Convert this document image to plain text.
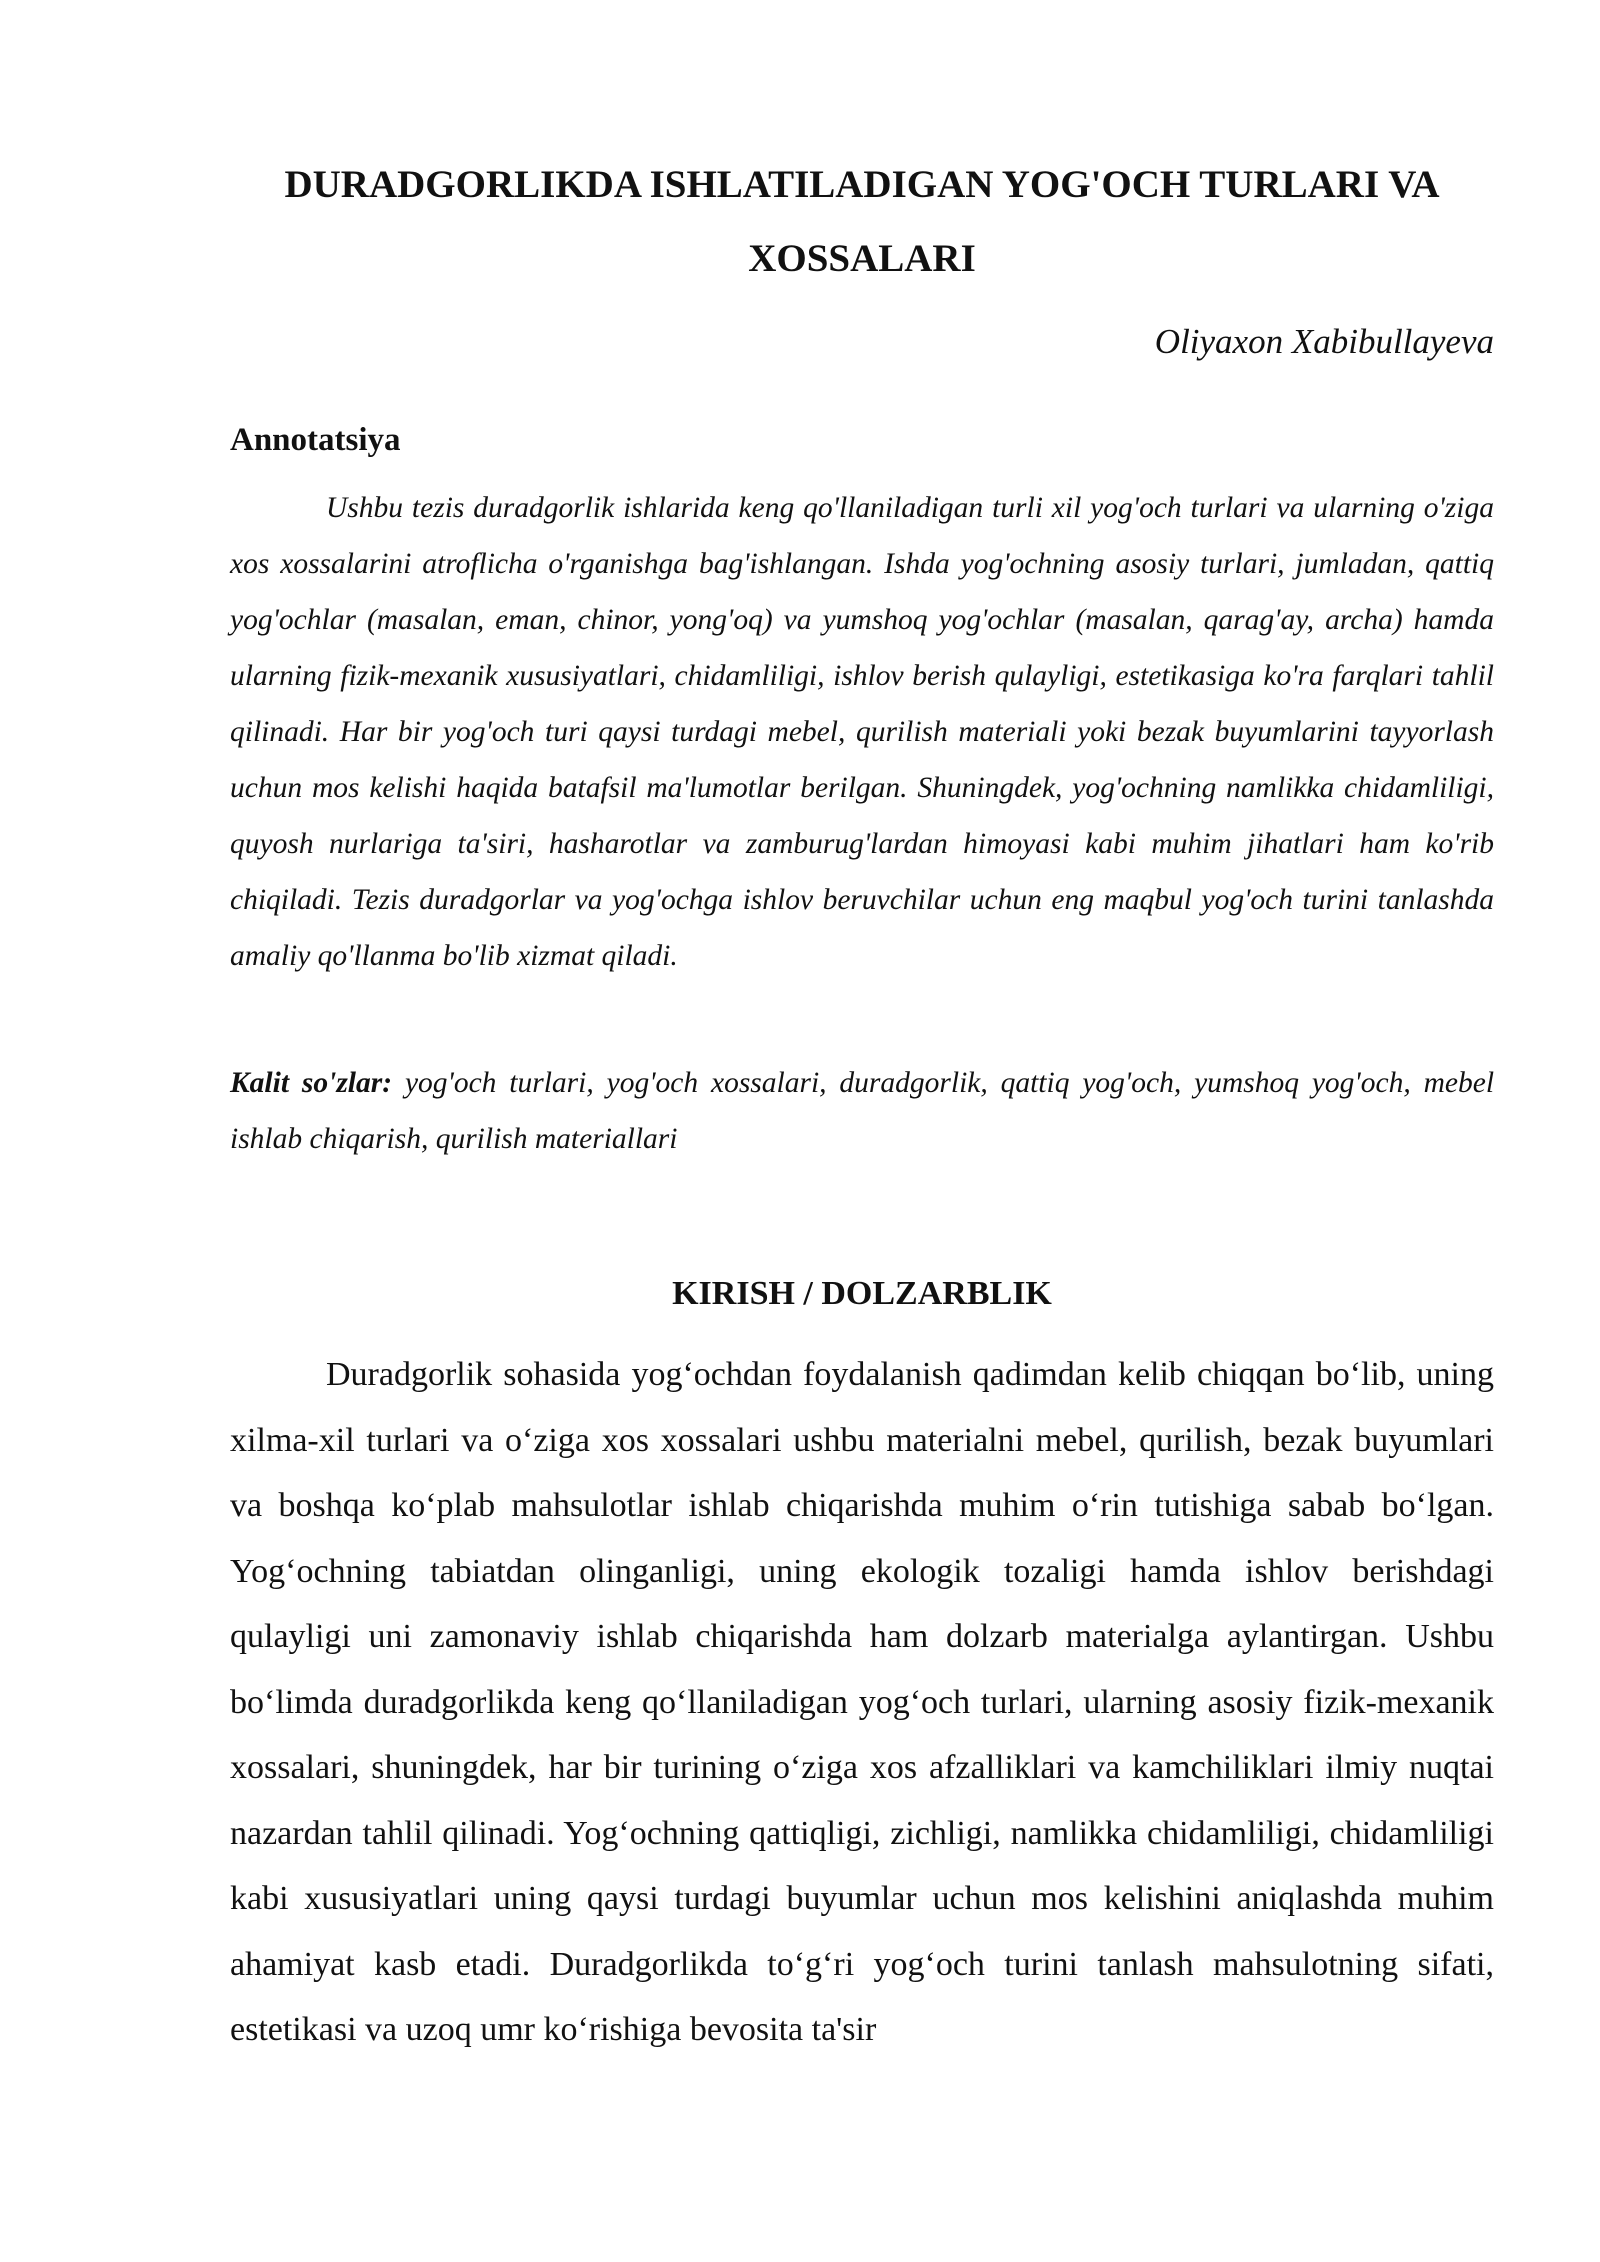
DURADGORLIKDA ISHLATILADIGAN YOG'OCH TURLARI VA XOSSALARI

Oliyaxon Xabibullayeva

Annotatsiya

Ushbu tezis duradgorlik ishlarida keng qo'llaniladigan turli xil yog'och turlari va ularning o'ziga xos xossalarini atroflicha o'rganishga bag'ishlangan. Ishda yog'ochning asosiy turlari, jumladan, qattiq yog'ochlar (masalan, eman, chinor, yong'oq) va yumshoq yog'ochlar (masalan, qarag'ay, archa) hamda ularning fizik-mexanik xususiyatlari, chidamliligi, ishlov berish qulayligi, estetikasiga ko'ra farqlari tahlil qilinadi. Har bir yog'och turi qaysi turdagi mebel, qurilish materiali yoki bezak buyumlarini tayyorlash uchun mos kelishi haqida batafsil ma'lumotlar berilgan. Shuningdek, yog'ochning namlikka chidamliligi, quyosh nurlariga ta'siri, hasharotlar va zamburug'lardan himoyasi kabi muhim jihatlari ham ko'rib chiqiladi. Tezis duradgorlar va yog'ochga ishlov beruvchilar uchun eng maqbul yog'och turini tanlashda amaliy qo'llanma bo'lib xizmat qiladi.

Kalit so'zlar: yog'och turlari, yog'och xossalari, duradgorlik, qattiq yog'och, yumshoq yog'och, mebel ishlab chiqarish, qurilish materiallari

KIRISH / DOLZARBLIK

Duradgorlik sohasida yog‘ochdan foydalanish qadimdan kelib chiqqan bo‘lib, uning xilma-xil turlari va o‘ziga xos xossalari ushbu materialni mebel, qurilish, bezak buyumlari va boshqa ko‘plab mahsulotlar ishlab chiqarishda muhim o‘rin tutishiga sabab bo‘lgan. Yog‘ochning tabiatdan olinganligi, uning ekologik tozaligi hamda ishlov berishdagi qulayligi uni zamonaviy ishlab chiqarishda ham dolzarb materialga aylantirgan. Ushbu bo‘limda duradgorlikda keng qo‘llaniladigan yog‘och turlari, ularning asosiy fizik-mexanik xossalari, shuningdek, har bir turining o‘ziga xos afzalliklari va kamchiliklari ilmiy nuqtai nazardan tahlil qilinadi. Yog‘ochning qattiqligi, zichligi, namlikka chidamliligi, chidamliligi kabi xususiyatlari uning qaysi turdagi buyumlar uchun mos kelishini aniqlashda muhim ahamiyat kasb etadi. Duradgorlikda to‘g‘ri yog‘och turini tanlash mahsulotning sifati, estetikasi va uzoq umr ko‘rishiga bevosita ta'sir
